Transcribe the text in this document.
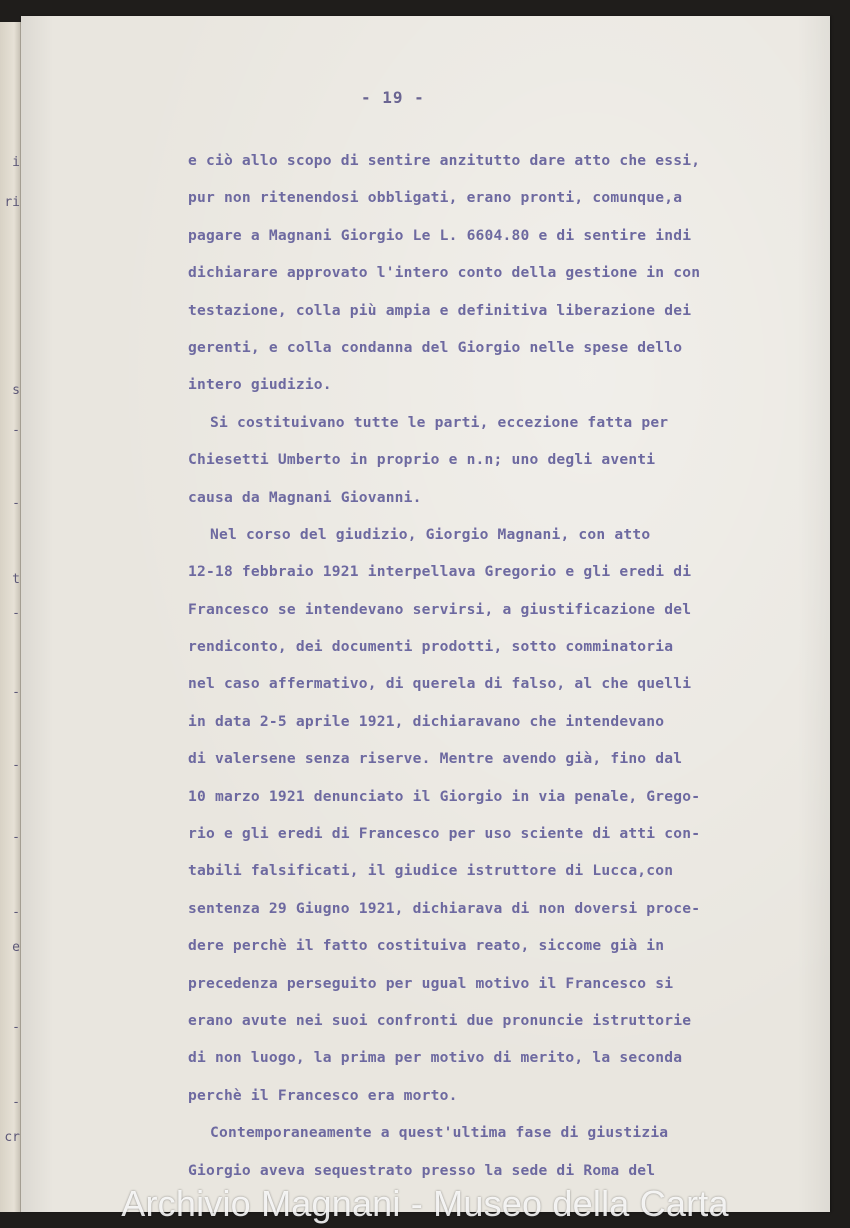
i
ri
s
-
-
t
-
-
-
-
-
e
-
-
cr
- 19 -
e ciò allo scopo di sentire anzitutto dare atto che essi,
pur non ritenendosi obbligati, erano pronti, comunque,a
pagare a Magnani Giorgio Le L. 6604.80 e di sentire indi
dichiarare approvato l'intero conto della gestione in con
testazione, colla più ampia e definitiva liberazione dei
gerenti, e colla condanna del Giorgio nelle spese dello
intero giudizio.
Si costituivano tutte le parti, eccezione fatta per
Chiesetti Umberto in proprio e n.n; uno degli aventi
causa da Magnani Giovanni.
Nel corso del giudizio, Giorgio Magnani, con atto
12-18 febbraio 1921 interpellava Gregorio e gli eredi di
Francesco se intendevano servirsi, a giustificazione del
rendiconto, dei documenti prodotti, sotto comminatoria
nel caso affermativo, di querela di falso, al che quelli
in data 2-5 aprile 1921, dichiaravano che intendevano
di valersene senza riserve. Mentre avendo già, fino dal
10 marzo 1921 denunciato il Giorgio in via penale, Grego-
rio e gli eredi di Francesco per uso sciente di atti con-
tabili falsificati, il giudice istruttore di Lucca,con
sentenza 29 Giugno 1921, dichiarava di non doversi proce-
dere perchè il fatto costituiva reato, siccome già in
precedenza perseguito per ugual motivo il Francesco si
erano avute nei suoi confronti due pronuncie istruttorie
di non luogo, la prima per motivo di merito, la seconda
perchè il Francesco era morto.
Contemporaneamente a quest'ultima fase di giustizia
Giorgio aveva sequestrato presso la sede di Roma del
Archivio Magnani - Museo della Carta
